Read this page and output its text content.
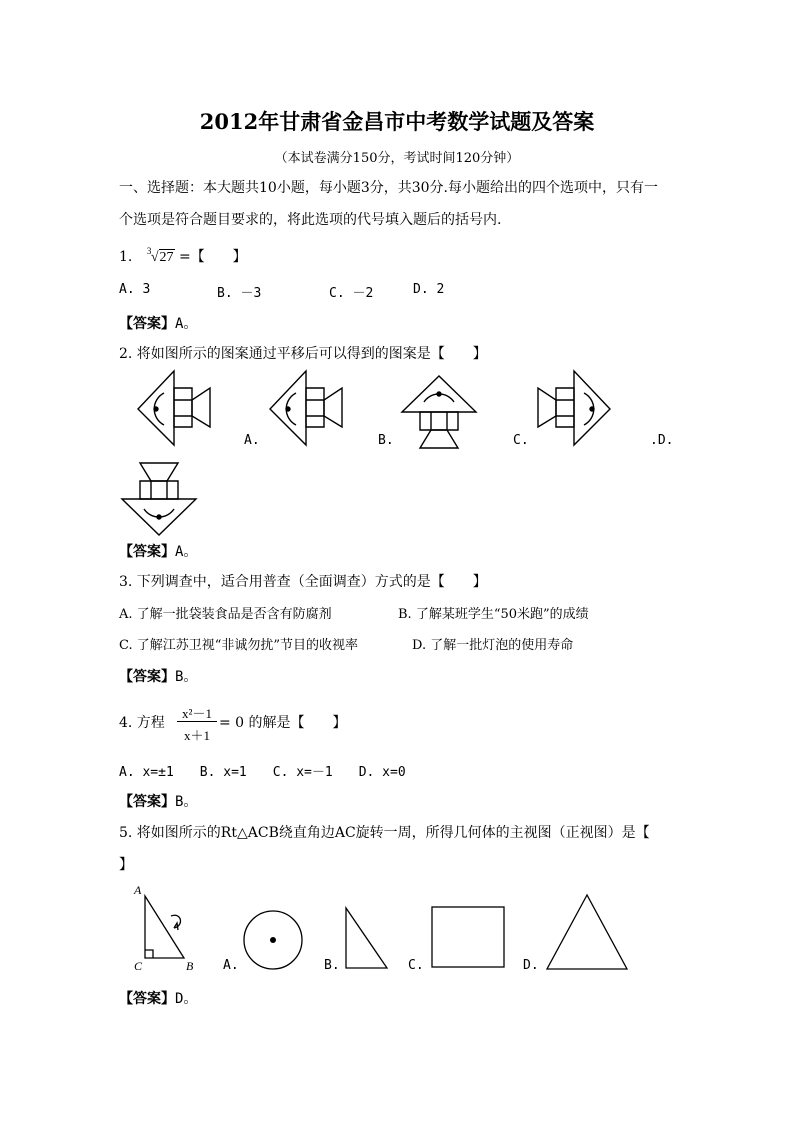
2012年甘肃省金昌市中考数学试题及答案
（本试卷满分150分，考试时间120分钟）
一、选择题：本大题共10小题，每小题3分，共30分.每小题给出的四个选项中，只有一
个选项是符合题目要求的，将此选项的代号填入题后的括号内.
1. 3 √27 =【　　】
A. 3	B. －3	C. －2	D. 2
【答案】A。
2. 将如图所示的图案通过平移后可以得到的图案是【　　】
A.	B.	C.	.D.
【答案】A。
3. 下列调查中，适合用普查（全面调查）方式的是【　　】
A. 了解一批袋装食品是否含有防腐剂	B. 了解某班学生“50米跑”的成绩
C. 了解江苏卫视“非诚勿扰”节目的收视率	D. 了解一批灯泡的使用寿命
【答案】B。
4. 方程
x²－1
x＋1
= 0 的解是【　　】
A. x=±1　　B. x=1　　C. x=－1　　D. x=0
【答案】B。
5. 将如图所示的Rt△ACB绕直角边AC旋转一周，所得几何体的主视图（正视图）是【
】
A
C	B A.	B.	C.	D.
【答案】D。
